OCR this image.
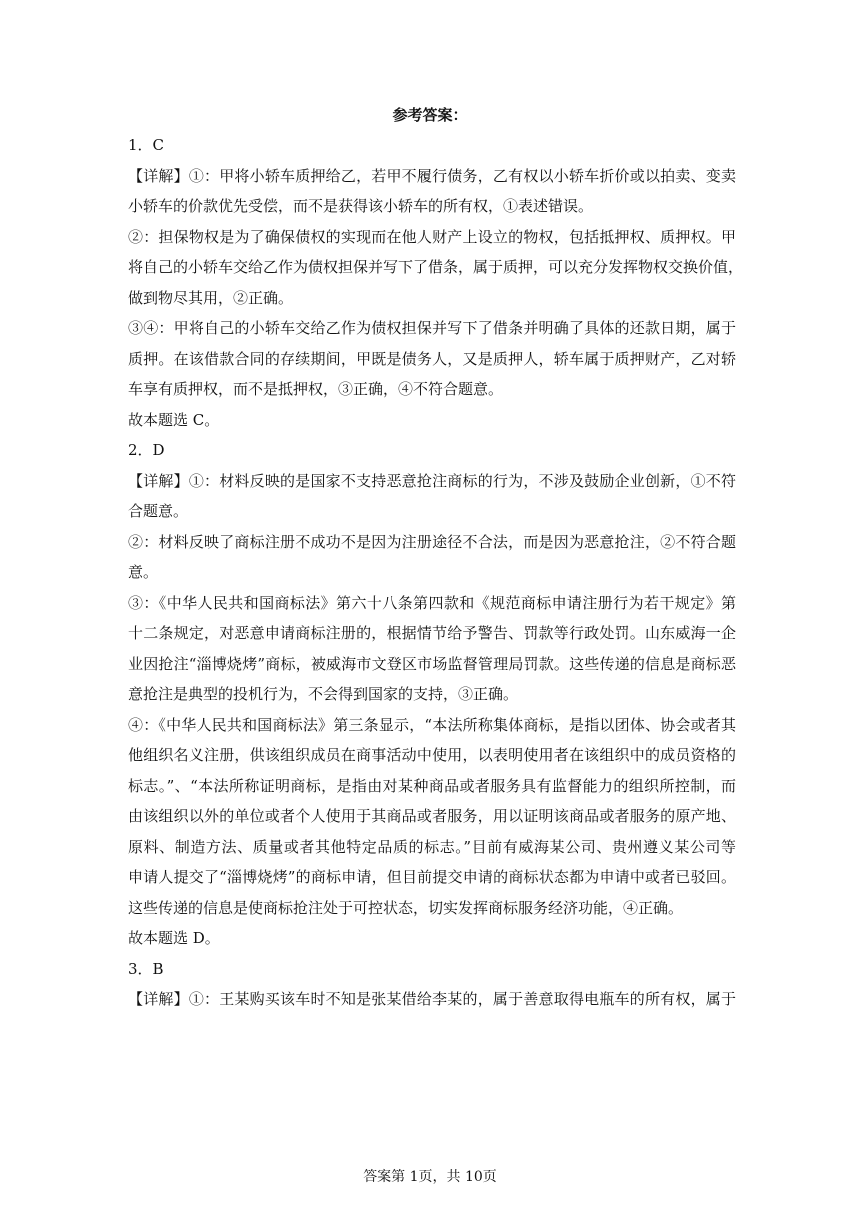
参考答案：
1．C
【详解】①：甲将小轿车质押给乙，若甲不履行债务，乙有权以小轿车折价或以拍卖、变卖
小轿车的价款优先受偿，而不是获得该小轿车的所有权，①表述错误。
②：担保物权是为了确保债权的实现而在他人财产上设立的物权，包括抵押权、质押权。甲
将自己的小轿车交给乙作为债权担保并写下了借条，属于质押，可以充分发挥物权交换价值，
做到物尽其用，②正确。
③④：甲将自己的小轿车交给乙作为债权担保并写下了借条并明确了具体的还款日期，属于
质押。在该借款合同的存续期间，甲既是债务人，又是质押人，轿车属于质押财产，乙对轿
车享有质押权，而不是抵押权，③正确，④不符合题意。
故本题选 C。
2．D
【详解】①：材料反映的是国家不支持恶意抢注商标的行为，不涉及鼓励企业创新，①不符
合题意。
②：材料反映了商标注册不成功不是因为注册途径不合法，而是因为恶意抢注，②不符合题
意。
③：《中华人民共和国商标法》第六十八条第四款和《规范商标申请注册行为若干规定》第
十二条规定，对恶意申请商标注册的，根据情节给予警告、罚款等行政处罚。山东威海一企
业因抢注“淄博烧烤”商标，被威海市文登区市场监督管理局罚款。这些传递的信息是商标恶
意抢注是典型的投机行为，不会得到国家的支持，③正确。
④：《中华人民共和国商标法》第三条显示，“本法所称集体商标，是指以团体、协会或者其
他组织名义注册，供该组织成员在商事活动中使用，以表明使用者在该组织中的成员资格的
标志。”、“本法所称证明商标，是指由对某种商品或者服务具有监督能力的组织所控制，而
由该组织以外的单位或者个人使用于其商品或者服务，用以证明该商品或者服务的原产地、
原料、制造方法、质量或者其他特定品质的标志。”目前有威海某公司、贵州遵义某公司等
申请人提交了“淄博烧烤”的商标申请，但目前提交申请的商标状态都为申请中或者已驳回。
这些传递的信息是使商标抢注处于可控状态，切实发挥商标服务经济功能，④正确。
故本题选 D。
3．B
【详解】①：王某购买该车时不知是张某借给李某的，属于善意取得电瓶车的所有权，属于
答案第 1页，共 10页
